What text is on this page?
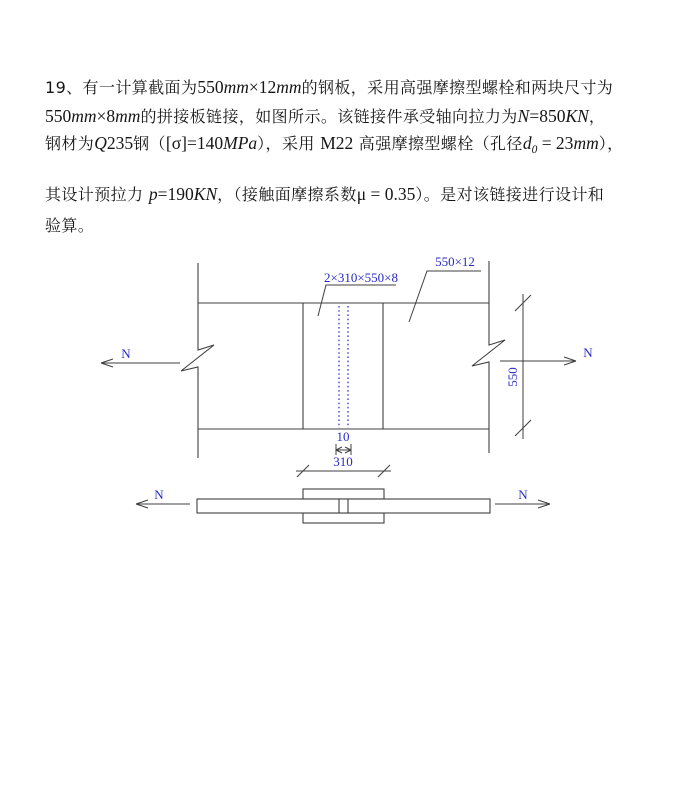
19、有一计算截面为550mm×12mm的钢板，采用高强摩擦型螺栓和两块尺寸为

550mm×8mm的拼接板链接，如图所示。该链接件承受轴向拉力为N=850KN，

钢材为Q235钢（[σ]=140MPa），采用 M22 高强摩擦型螺栓（孔径$d_0 = 23mm$），

其设计预拉力 p=190KN，（接触面摩擦系数μ = 0.35）。是对该链接进行设计和

验算。

N	N
2×310×550×8
550×12
550
10
310
N	N
